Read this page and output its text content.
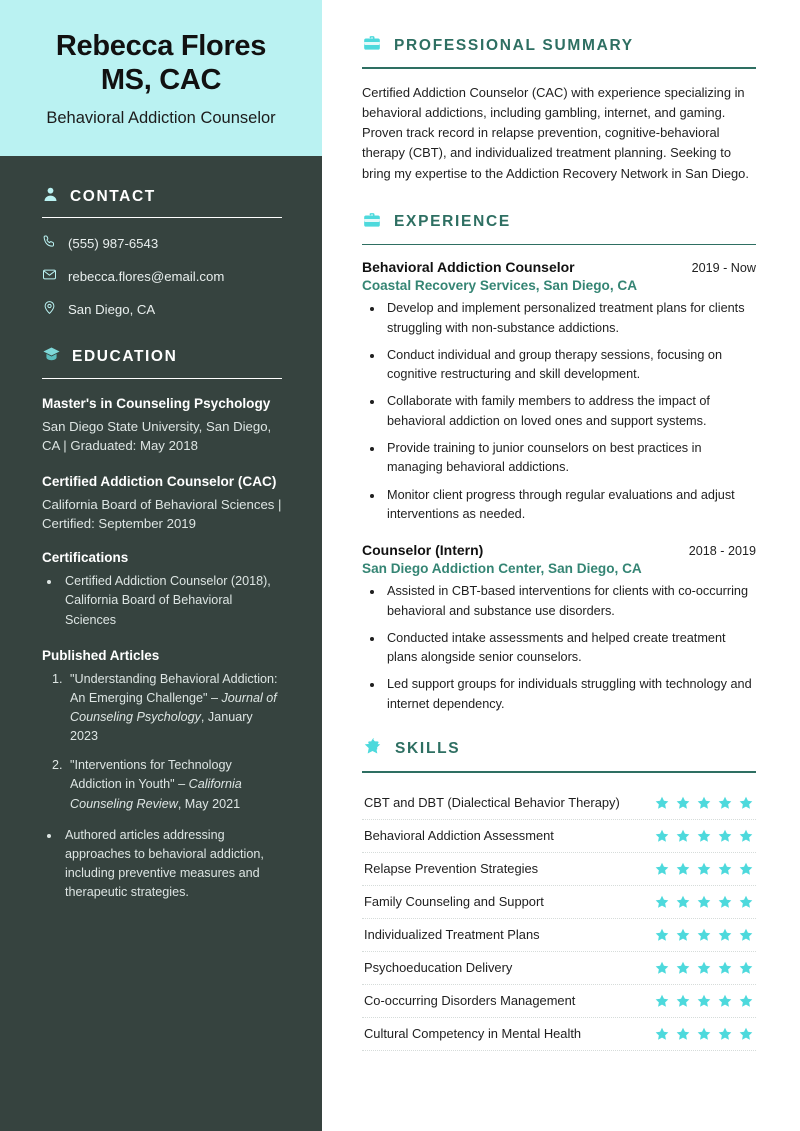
Rebecca Flores
MS, CAC
Behavioral Addiction Counselor
CONTACT
(555) 987-6543
rebecca.flores@email.com
San Diego, CA
EDUCATION
Master's in Counseling Psychology
San Diego State University, San Diego, CA | Graduated: May 2018
Certified Addiction Counselor (CAC)
California Board of Behavioral Sciences | Certified: September 2019
Certifications
• Certified Addiction Counselor (2018), California Board of Behavioral Sciences
Published Articles
1. "Understanding Behavioral Addiction: An Emerging Challenge" – Journal of Counseling Psychology, January 2023
2. "Interventions for Technology Addiction in Youth" – California Counseling Review, May 2021
• Authored articles addressing approaches to behavioral addiction, including preventive measures and therapeutic strategies.
PROFESSIONAL SUMMARY

Certified Addiction Counselor (CAC) with experience specializing in behavioral addictions, including gambling, internet, and gaming. Proven track record in relapse prevention, cognitive-behavioral therapy (CBT), and individualized treatment planning. Seeking to bring my expertise to the Addiction Recovery Network in San Diego.

EXPERIENCE
Behavioral Addiction Counselor	2019 - Now
Coastal Recovery Services, San Diego, CA
• Develop and implement personalized treatment plans for clients struggling with non-substance addictions.
• Conduct individual and group therapy sessions, focusing on cognitive restructuring and skill development.
• Collaborate with family members to address the impact of behavioral addiction on loved ones and support systems.
• Provide training to junior counselors on best practices in managing behavioral addictions.
• Monitor client progress through regular evaluations and adjust interventions as needed.
Counselor (Intern)	2018 - 2019
San Diego Addiction Center, San Diego, CA
• Assisted in CBT-based interventions for clients with co-occurring behavioral and substance use disorders.
• Conducted intake assessments and helped create treatment plans alongside senior counselors.
• Led support groups for individuals struggling with technology and internet dependency.
SKILLS
CBT and DBT (Dialectical Behavior Therapy)
Behavioral Addiction Assessment
Relapse Prevention Strategies
Family Counseling and Support
Individualized Treatment Plans
Psychoeducation Delivery
Co-occurring Disorders Management
Cultural Competency in Mental Health
